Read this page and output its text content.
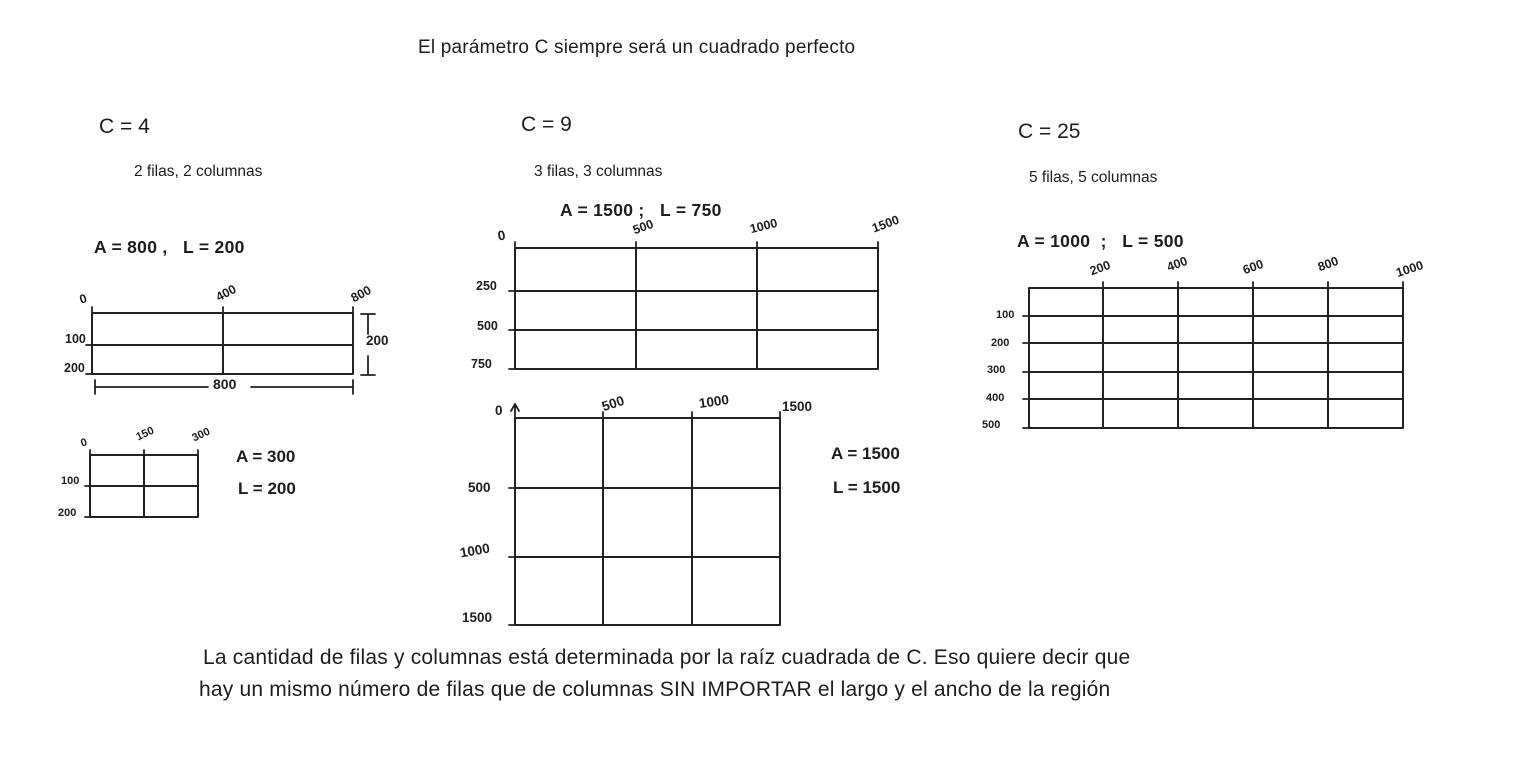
El parámetro C siempre será un cuadrado perfecto
C = 4
2 filas, 2 columnas
A = 800 ,   L = 200
0	400	800
100
200
200
800
0	150	300
100
200
A = 300
L = 200
C = 9
3 filas, 3 columnas
A = 1500 ;   L = 750
0	500	1000	1500
250
500
750
0	500	1000	1500
500
1000
1500
A = 1500
L = 1500
C = 25
5 filas, 5 columnas
A = 1000  ;   L = 500
200	400	600	800	1000
100
200
300
400
500
La cantidad de filas y columnas está determinada por la raíz cuadrada de C. Eso quiere decir que
hay un mismo número de filas que de columnas SIN IMPORTAR el largo y el ancho de la región
